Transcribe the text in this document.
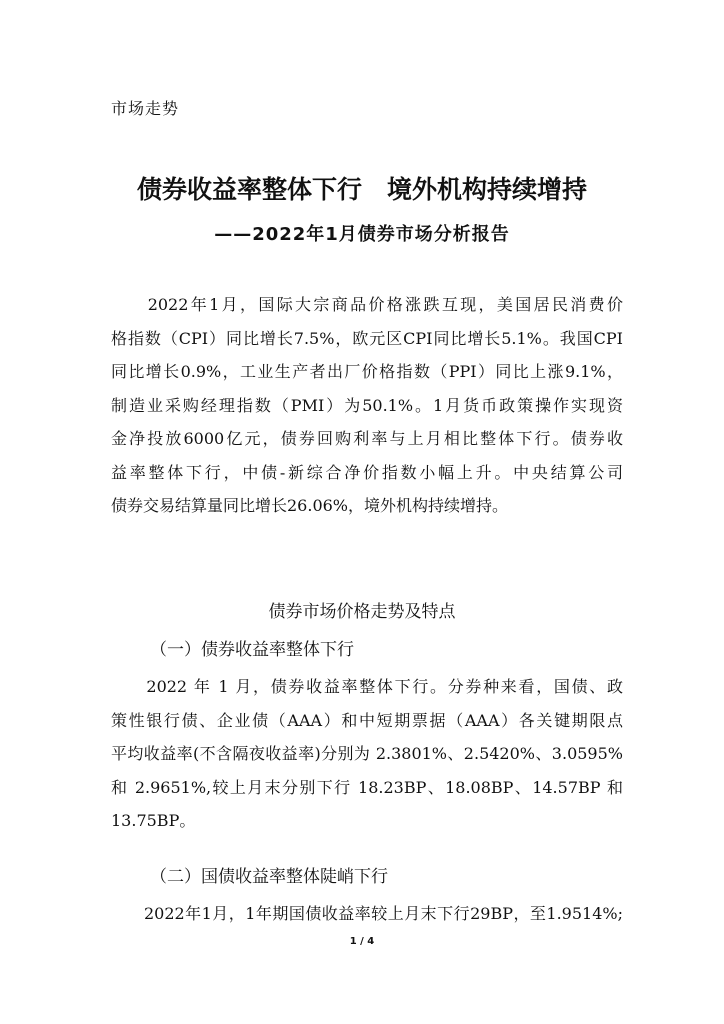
市场走势
债券收益率整体下行　境外机构持续增持
——2022年1月债券市场分析报告
　　2022年1月，国际大宗商品价格涨跌互现，美国居民消费价
格指数（CPI）同比增长7.5%，欧元区CPI同比增长5.1%。我国CPI
同比增长0.9%，工业生产者出厂价格指数（PPI）同比上涨9.1%，
制造业采购经理指数（PMI）为50.1%。1月货币政策操作实现资
金净投放6000亿元，债券回购利率与上月相比整体下行。债券收
益率整体下行，中债-新综合净价指数小幅上升。中央结算公司
债券交易结算量同比增长26.06%，境外机构持续增持。
债券市场价格走势及特点
（一）债券收益率整体下行
　　2022 年 1 月，债券收益率整体下行。分券种来看，国债、政
策性银行债、企业债（AAA）和中短期票据（AAA）各关键期限点
平均收益率(不含隔夜收益率)分别为 2.3801%、2.5420%、3.0595%
和 2.9651%,较上月末分别下行 18.23BP、18.08BP、14.57BP 和
13.75BP。
（二）国债收益率整体陡峭下行
　　2022年1月，1年期国债收益率较上月末下行29BP，至1.9514%;
1 / 4
